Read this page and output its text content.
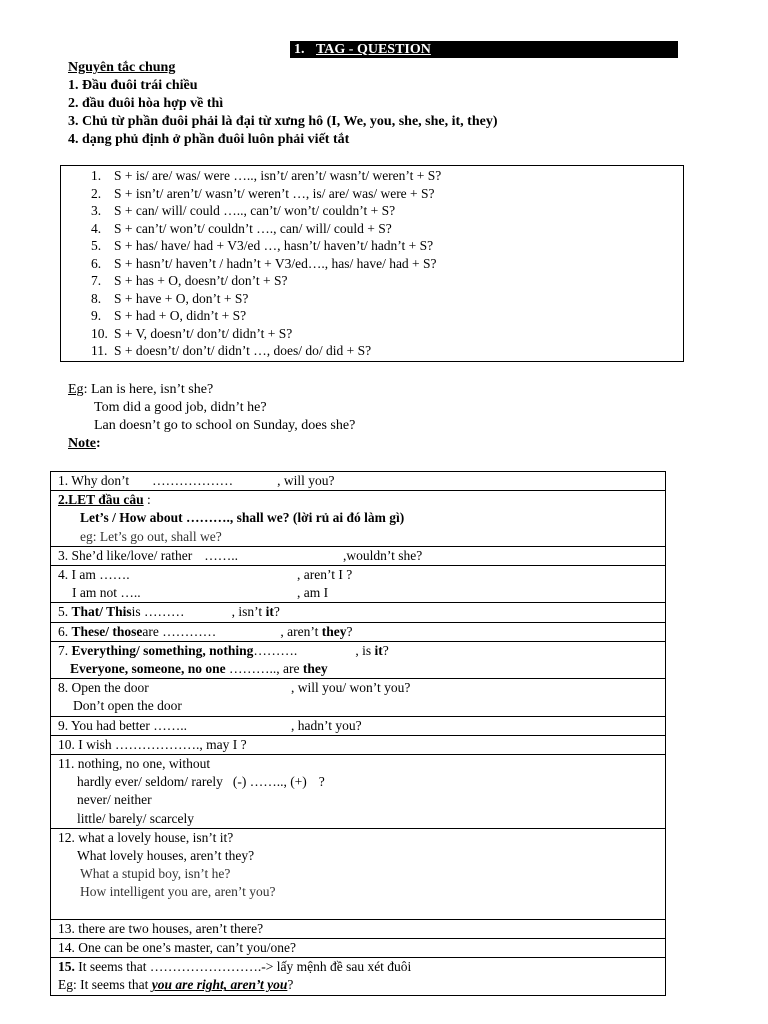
1. TAG - QUESTION
Nguyên tắc chung
1. Đầu đuôi trái chiều
2. đầu đuôi hòa hợp về thì
3. Chủ từ phần đuôi phải là đại từ xưng hô (I, We, you, she, she, it, they)
4. dạng phủ định ở phần đuôi luôn phải viết tắt
1. S + is/ are/ was/ were ….., isn’t/ aren’t/ wasn’t/ weren’t + S?
2. S + isn’t/ aren’t/ wasn’t/ weren’t …, is/ are/ was/ were + S?
3. S + can/ will/ could ….., can’t/ won’t/ couldn’t + S?
4. S + can’t/ won’t/ couldn’t …., can/ will/ could + S?
5. S + has/ have/ had + V3/ed …, hasn’t/ haven’t/ hadn’t + S?
6. S + hasn’t/ haven’t / hadn’t + V3/ed…., has/ have/ had + S?
7. S + has + O, doesn’t/ don’t + S?
8. S + have + O, don’t + S?
9. S + had + O, didn’t + S?
10. S + V, doesn’t/ don’t/ didn’t + S?
11. S + doesn’t/ don’t/ didn’t …, does/ do/ did + S?
Eg: Lan is here, isn’t she?
Tom did a good job, didn’t he?
Lan doesn’t go to school on Sunday, does she?
Note:
1. Why don’t ………………	, will you?

2.LET đầu câu :
Let’s / How about ………., shall we? (lời rủ ai đó làm gì)
eg: Let’s go out, shall we?

3. She’d like/love/ rather ……..	,wouldn’t she?

4. I am …….	, aren’t I ?
I am not …..	, am I

5. That/ Thisis ………	, isn’t it?
6. These/ thoseare …………	, aren’t they?

7. Everything/ something, nothing……….	, is it?
Everyone, someone, no one ……….., are they

8. Open the door	, will you/ won’t you?
Don’t open the door

9. You had better ……..	, hadn’t you?
10. I wish ………………., may I ?

11. nothing, no one, without
hardly ever/ seldom/ rarely (-) …….., (+) ?
never/ neither
little/ barely/ scarcely

12. what a lovely house, isn’t it?
What lovely houses, aren’t they?
What a stupid boy, isn’t he?
How intelligent you are, aren’t you?

13. there are two houses, aren’t there?
14. One can be one’s master, can’t you/one?

15. It seems that …………………….-> lấy mệnh đề sau xét đuôi
Eg: It seems that you are right, aren’t you?
